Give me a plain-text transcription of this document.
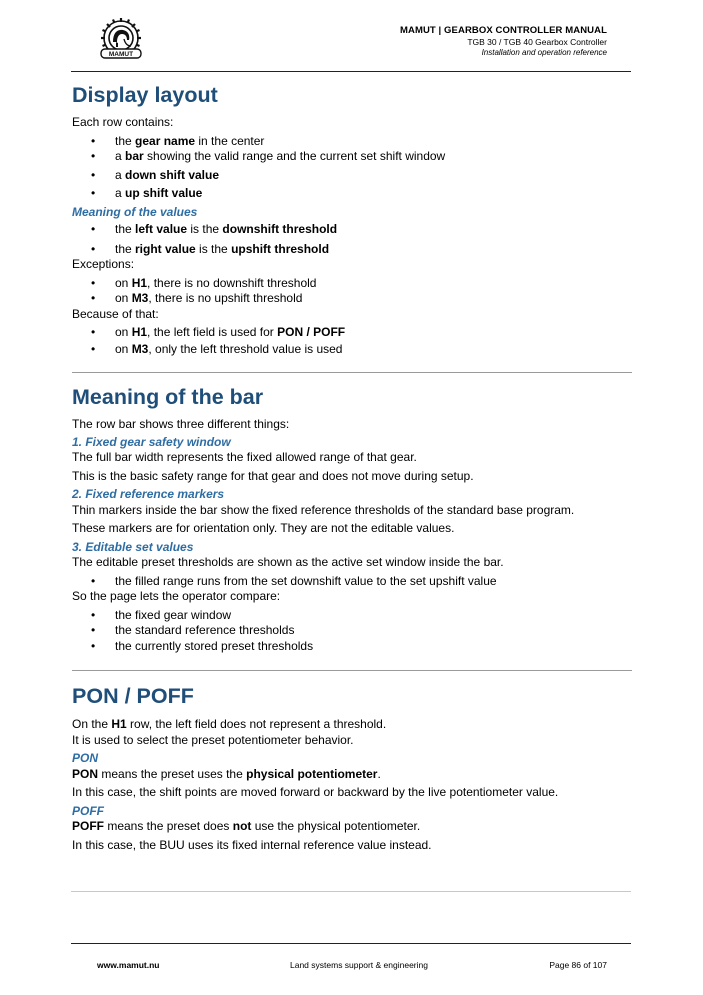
MAMUT
MAMUT | GEARBOX CONTROLLER MANUAL
TGB 30 / TGB 40 Gearbox Controller
Installation and operation reference
Display layout

Each row contains:

• the gear name in the center
• a bar showing the valid range and the current set shift window
• a down shift value
• a up shift value

Meaning of the values

• the left value is the downshift threshold
• the right value is the upshift threshold

Exceptions:

• on H1, there is no downshift threshold
• on M3, there is no upshift threshold

Because of that:

• on H1, the left field is used for PON / POFF
• on M3, only the left threshold value is used
Meaning of the bar

The row bar shows three different things:

1. Fixed gear safety window

The full bar width represents the fixed allowed range of that gear.

This is the basic safety range for that gear and does not move during setup.

2. Fixed reference markers

Thin markers inside the bar show the fixed reference thresholds of the standard base program.

These markers are for orientation only. They are not the editable values.

3. Editable set values

The editable preset thresholds are shown as the active set window inside the bar.

• the filled range runs from the set downshift value to the set upshift value

So the page lets the operator compare:

• the fixed gear window
• the standard reference thresholds
• the currently stored preset thresholds
PON / POFF

On the H1 row, the left field does not represent a threshold.

It is used to select the preset potentiometer behavior.

PON

PON means the preset uses the physical potentiometer.

In this case, the shift points are moved forward or backward by the live potentiometer value.

POFF

POFF means the preset does not use the physical potentiometer.

In this case, the BUU uses its fixed internal reference value instead.

www.mamut.nu	Land systems support & engineering	Page 86 of 107
